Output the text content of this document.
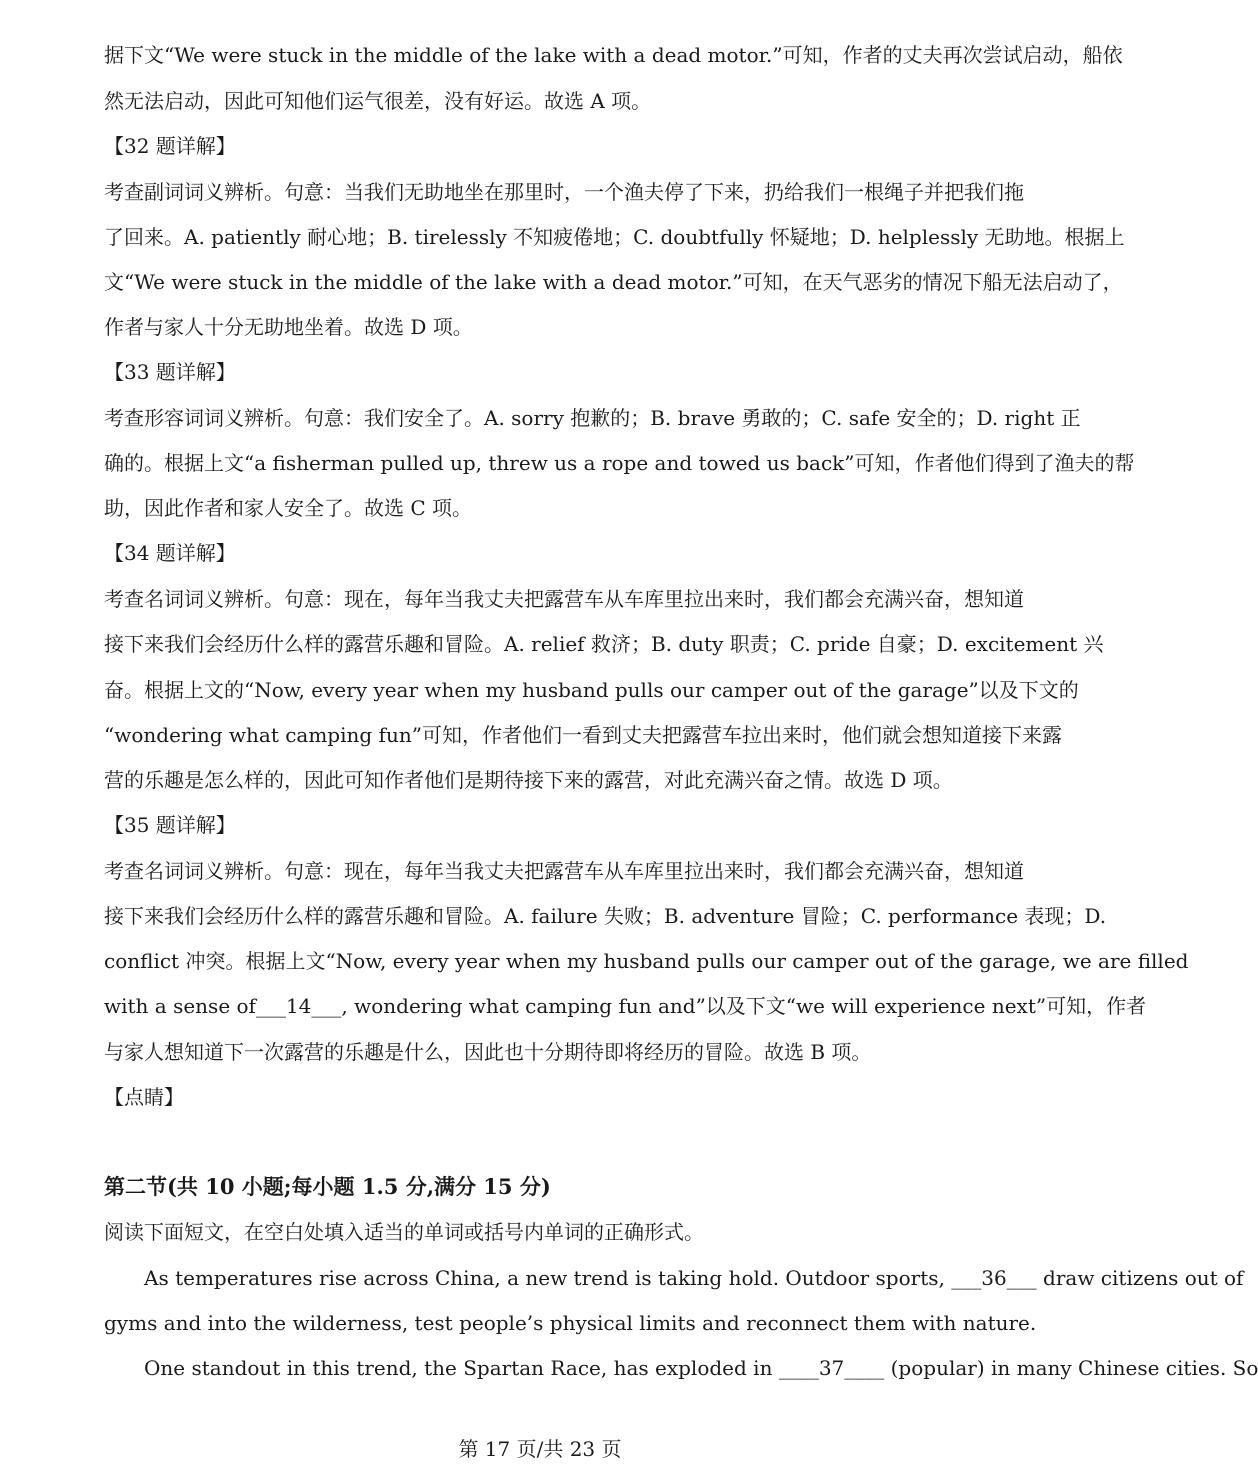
据下文“We were stuck in the middle of the lake with a dead motor.”可知，作者的丈夫再次尝试启动，船依
然无法启动，因此可知他们运气很差，没有好运。故选 A 项。
【32 题详解】
考查副词词义辨析。句意：当我们无助地坐在那里时，一个渔夫停了下来，扔给我们一根绳子并把我们拖
了回来。A. patiently 耐心地；B. tirelessly 不知疲倦地；C. doubtfully 怀疑地；D. helplessly 无助地。根据上
文“We were stuck in the middle of the lake with a dead motor.”可知，在天气恶劣的情况下船无法启动了，
作者与家人十分无助地坐着。故选 D 项。
【33 题详解】
考查形容词词义辨析。句意：我们安全了。A. sorry 抱歉的；B. brave 勇敢的；C. safe 安全的；D. right 正
确的。根据上文“a fisherman pulled up, threw us a rope and towed us back”可知，作者他们得到了渔夫的帮
助，因此作者和家人安全了。故选 C 项。
【34 题详解】
考查名词词义辨析。句意：现在，每年当我丈夫把露营车从车库里拉出来时，我们都会充满兴奋，想知道
接下来我们会经历什么样的露营乐趣和冒险。A. relief 救济；B. duty 职责；C. pride 自豪；D. excitement 兴
奋。根据上文的“Now, every year when my husband pulls our camper out of the garage”以及下文的
“wondering what camping fun”可知，作者他们一看到丈夫把露营车拉出来时，他们就会想知道接下来露
营的乐趣是怎么样的，因此可知作者他们是期待接下来的露营，对此充满兴奋之情。故选 D 项。
【35 题详解】
考查名词词义辨析。句意：现在，每年当我丈夫把露营车从车库里拉出来时，我们都会充满兴奋，想知道
接下来我们会经历什么样的露营乐趣和冒险。A. failure 失败；B. adventure 冒险；C. performance 表现；D.
conflict 冲突。根据上文“Now, every year when my husband pulls our camper out of the garage, we are filled
with a sense of___14___, wondering what camping fun and”以及下文“we will experience next”可知，作者
与家人想知道下一次露营的乐趣是什么，因此也十分期待即将经历的冒险。故选 B 项。
【点睛】
第二节(共 10 小题;每小题 1.5 分,满分 15 分)
阅读下面短文，在空白处填入适当的单词或括号内单词的正确形式。
As temperatures rise across China, a new trend is taking hold. Outdoor sports, ___36___ draw citizens out of
gyms and into the wilderness, test people’s physical limits and reconnect them with nature.
One standout in this trend, the Spartan Race, has exploded in ____37____ (popular) in many Chinese cities. So
第 17 页/共 23 页
